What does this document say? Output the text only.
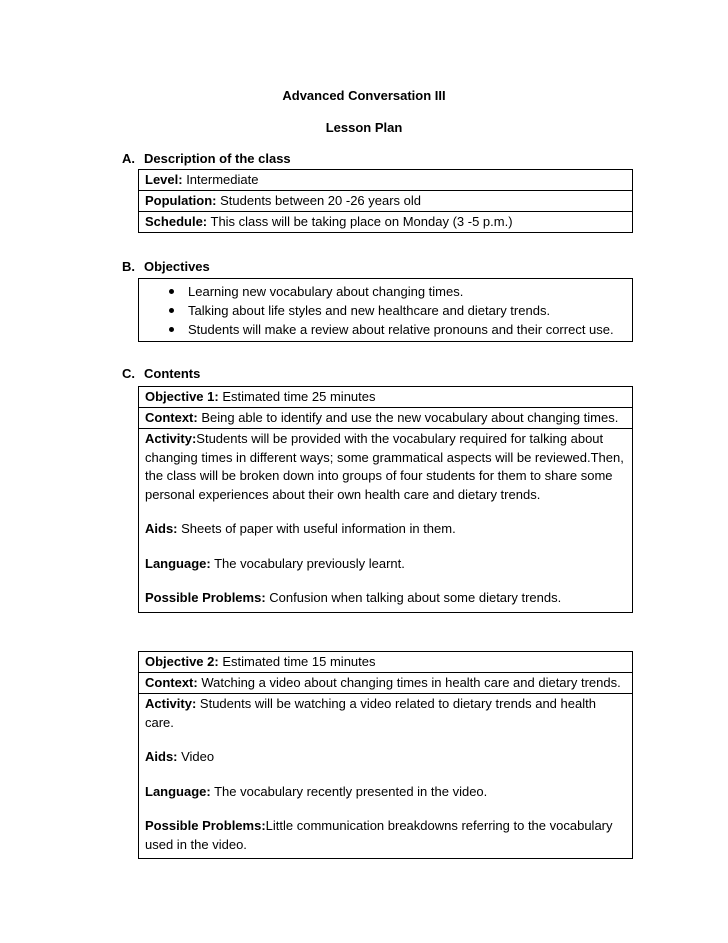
Advanced Conversation III
Lesson Plan
A. Description of the class
Level: Intermediate
Population: Students between 20 -26 years old
Schedule: This class will be taking place on Monday (3 -5 p.m.)
B. Objectives
Learning new vocabulary about changing times.
Talking about life styles and new healthcare and dietary trends.
Students will make a review about relative pronouns and their correct use.
C. Contents
Objective 1: Estimated time 25 minutes
Context: Being able to identify and use the new vocabulary about changing times.

Activity:Students will be provided with the vocabulary required for talking about changing times in different ways; some grammatical aspects will be reviewed.Then, the class will be broken down into groups of four students for them to share some personal experiences about their own health care and dietary trends.

Aids: Sheets of paper with useful information in them.

Language: The vocabulary previously learnt.

Possible Problems: Confusion when talking about some dietary trends.

Objective 2: Estimated time 15 minutes
Context: Watching a video about changing times in health care and dietary trends.

Activity: Students will be watching a video related to dietary trends and health care.

Aids: Video

Language: The vocabulary recently presented in the video.

Possible Problems:Little communication breakdowns referring to the vocabulary used in the video.
